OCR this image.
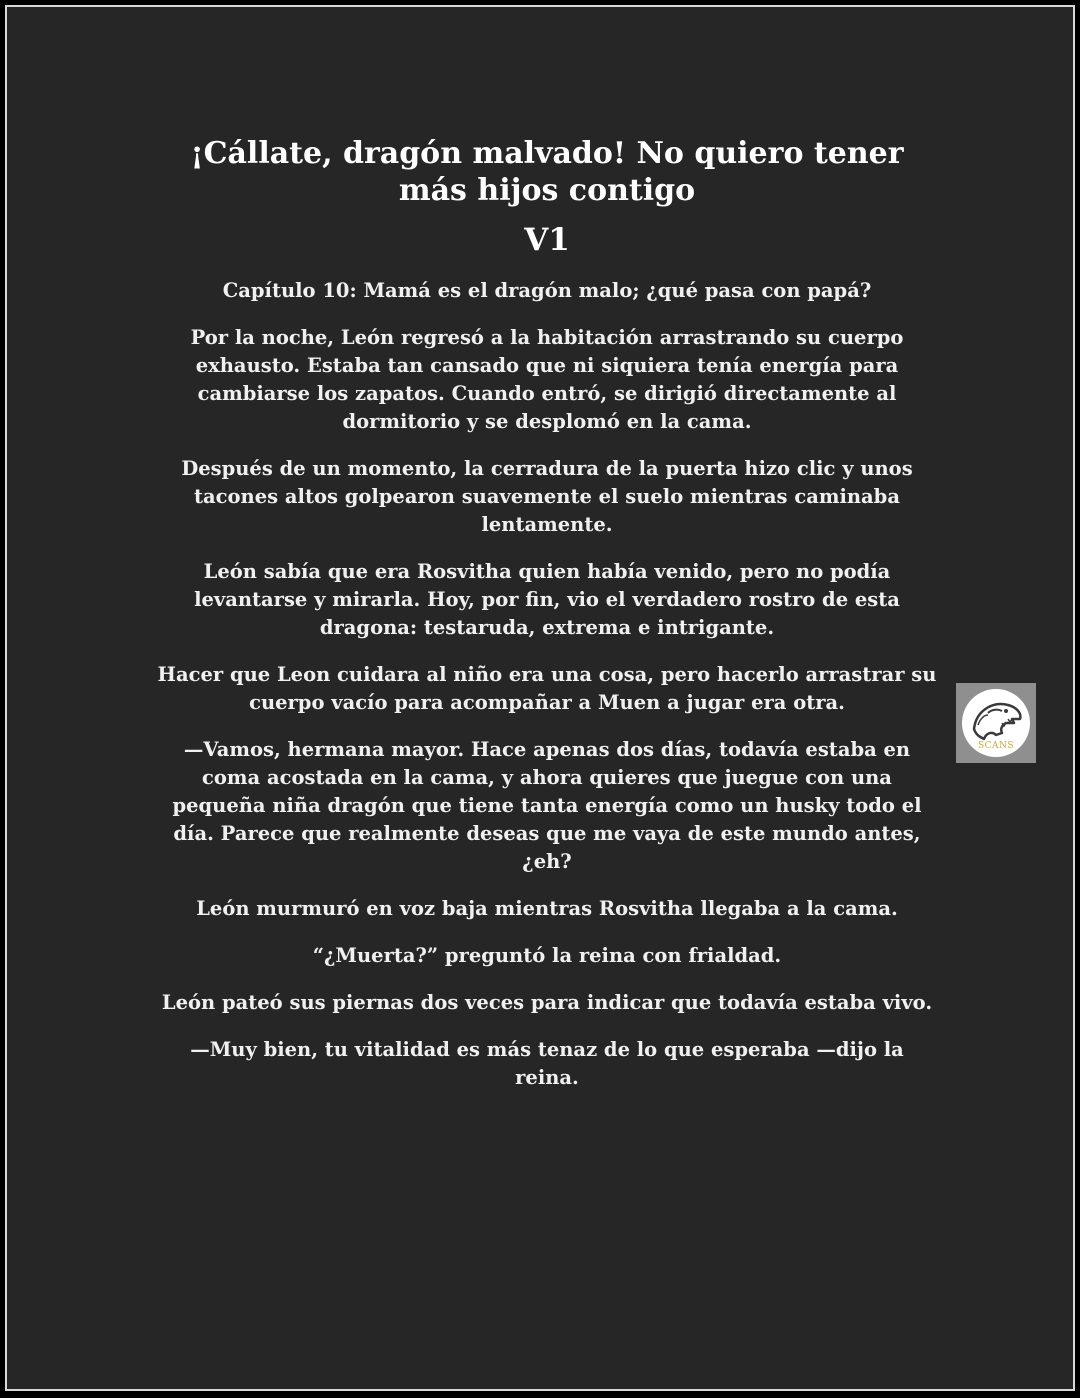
¡Cállate, dragón malvado! No quiero tener
más hijos contigo
V1

Capítulo 10: Mamá es el dragón malo; ¿qué pasa con papá?

Por la noche, León regresó a la habitación arrastrando su cuerpo exhausto. Estaba tan cansado que ni siquiera tenía energía para cambiarse los zapatos. Cuando entró, se dirigió directamente al dormitorio y se desplomó en la cama.

Después de un momento, la cerradura de la puerta hizo clic y unos tacones altos golpearon suavemente el suelo mientras caminaba lentamente.

León sabía que era Rosvitha quien había venido, pero no podía levantarse y mirarla. Hoy, por fin, vio el verdadero rostro de esta dragona: testaruda, extrema e intrigante.

Hacer que Leon cuidara al niño era una cosa, pero hacerlo arrastrar su cuerpo vacío para acompañar a Muen a jugar era otra.

—Vamos, hermana mayor. Hace apenas dos días, todavía estaba en coma acostada en la cama, y ahora quieres que juegue con una pequeña niña dragón que tiene tanta energía como un husky todo el día. Parece que realmente deseas que me vaya de este mundo antes, ¿eh?

León murmuró en voz baja mientras Rosvitha llegaba a la cama.

“¿Muerta?” preguntó la reina con frialdad.

León pateó sus piernas dos veces para indicar que todavía estaba vivo.

—Muy bien, tu vitalidad es más tenaz de lo que esperaba —dijo la reina.

SCANS
